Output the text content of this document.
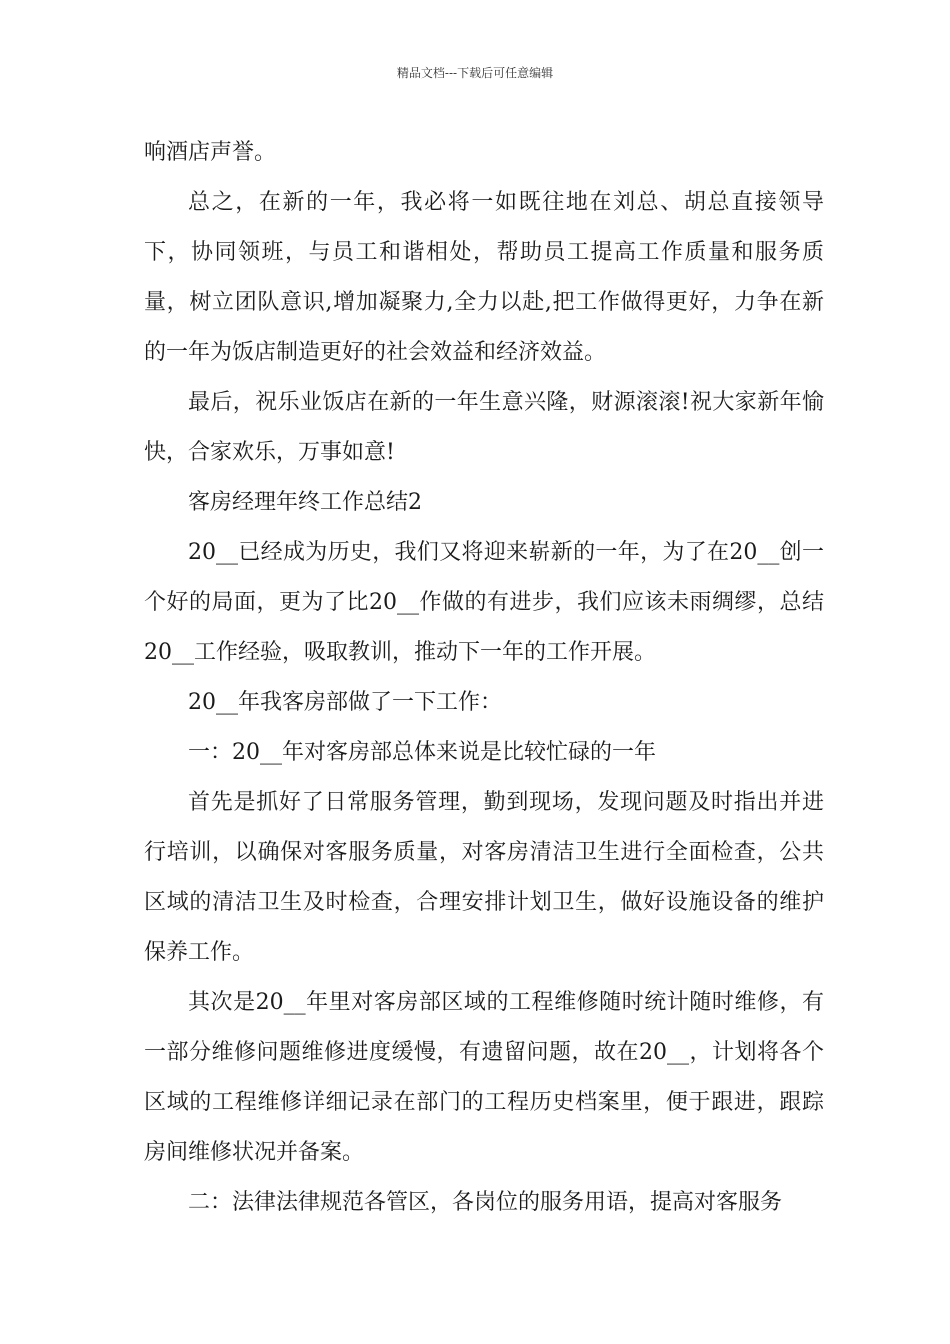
精品文档---下载后可任意编辑

响酒店声誉。

总之，在新的一年，我必将一如既往地在刘总、胡总直接领导下，协同领班，与员工和谐相处，帮助员工提高工作质量和服务质量，树立团队意识,增加凝聚力,全力以赴,把工作做得更好，力争在新的一年为饭店制造更好的社会效益和经济效益。

最后，祝乐业饭店在新的一年生意兴隆，财源滚滚!祝大家新年愉快，合家欢乐，万事如意!

客房经理年终工作总结2

20__已经成为历史，我们又将迎来崭新的一年，为了在20__创一个好的局面，更为了比20__作做的有进步，我们应该未雨绸缪，总结20__工作经验，吸取教训，推动下一年的工作开展。

20__年我客房部做了一下工作：

一：20__年对客房部总体来说是比较忙碌的一年

首先是抓好了日常服务管理，勤到现场，发现问题及时指出并进行培训，以确保对客服务质量，对客房清洁卫生进行全面检查，公共区域的清洁卫生及时检查，合理安排计划卫生，做好设施设备的维护保养工作。

其次是20__年里对客房部区域的工程维修随时统计随时维修，有一部分维修问题维修进度缓慢，有遗留问题，故在20__，计划将各个区域的工程维修详细记录在部门的工程历史档案里，便于跟进，跟踪房间维修状况并备案。

二：法律法律规范各管区，各岗位的服务用语，提高对客服务
